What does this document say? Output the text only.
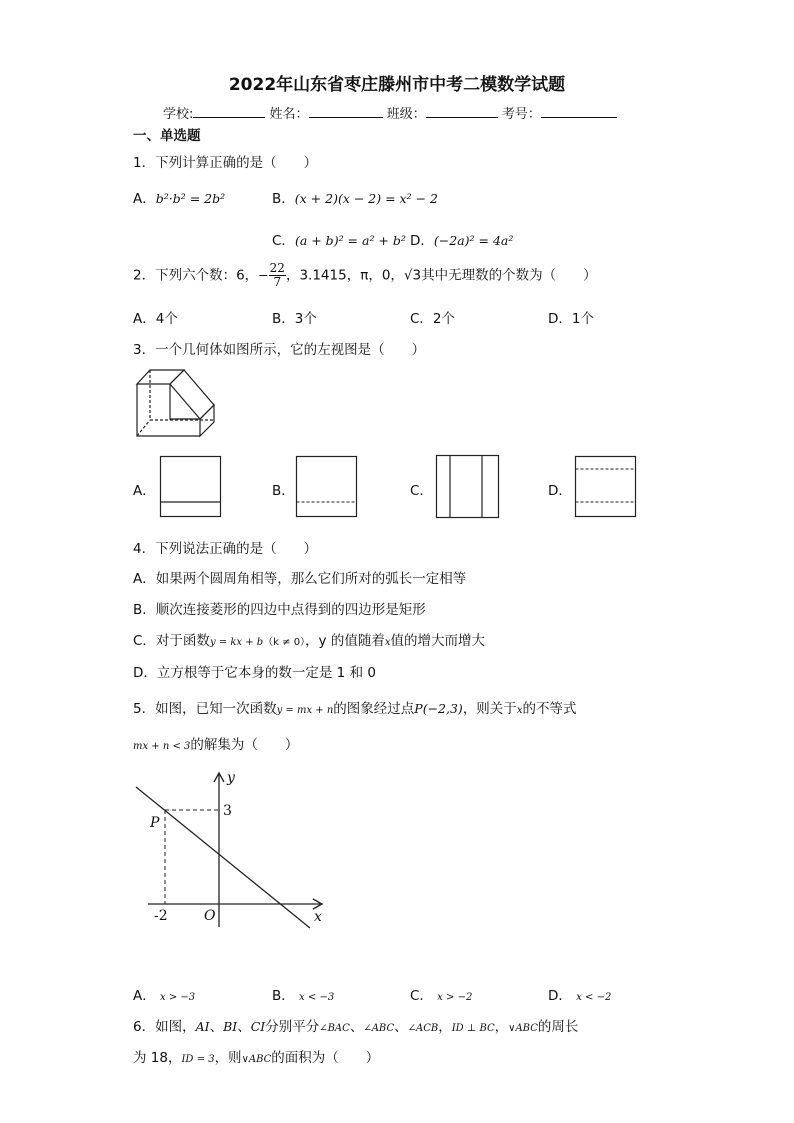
2022年山东省枣庄滕州市中考二模数学试题
学校:	姓名：	班级：	考号：
一、单选题
1．下列计算正确的是（　　）
A．b²·b² = 2b²	B．(x + 2)(x − 2) = x² − 2
C．(a + b)² = a² + b² D．(−2a)² = 4a²
2．下列六个数：6，− $\frac{22}{7}$ ，3.1415，π，0，√3其中无理数的个数为（　　）
A．4个	B．3个	C．2个	D．1个
3．一个几何体如图所示，它的左视图是（　　）
A．	B．	C．	D．
4．下列说法正确的是（　　）
A．如果两个圆周角相等，那么它们所对的弧长一定相等
B．顺次连接菱形的四边中点得到的四边形是矩形
C．对于函数y = kx + b（k ≠ 0），y 的值随着x值的增大而增大
D．立方根等于它本身的数一定是 1 和 0
5．如图，已知一次函数y = mx + n的图象经过点P(−2,3)，则关于x的不等式
mx + n < 3的解集为（　　）
y
x
3
-2	O
P
A． x > −3	B． x < −3	C． x > −2	D． x < −2
6．如图，AI、BI、CI分别平分∠BAC、∠ABC、∠ACB，ID ⊥ BC，∨ABC的周长
为 18，ID = 3，则∨ABC的面积为（　　）
